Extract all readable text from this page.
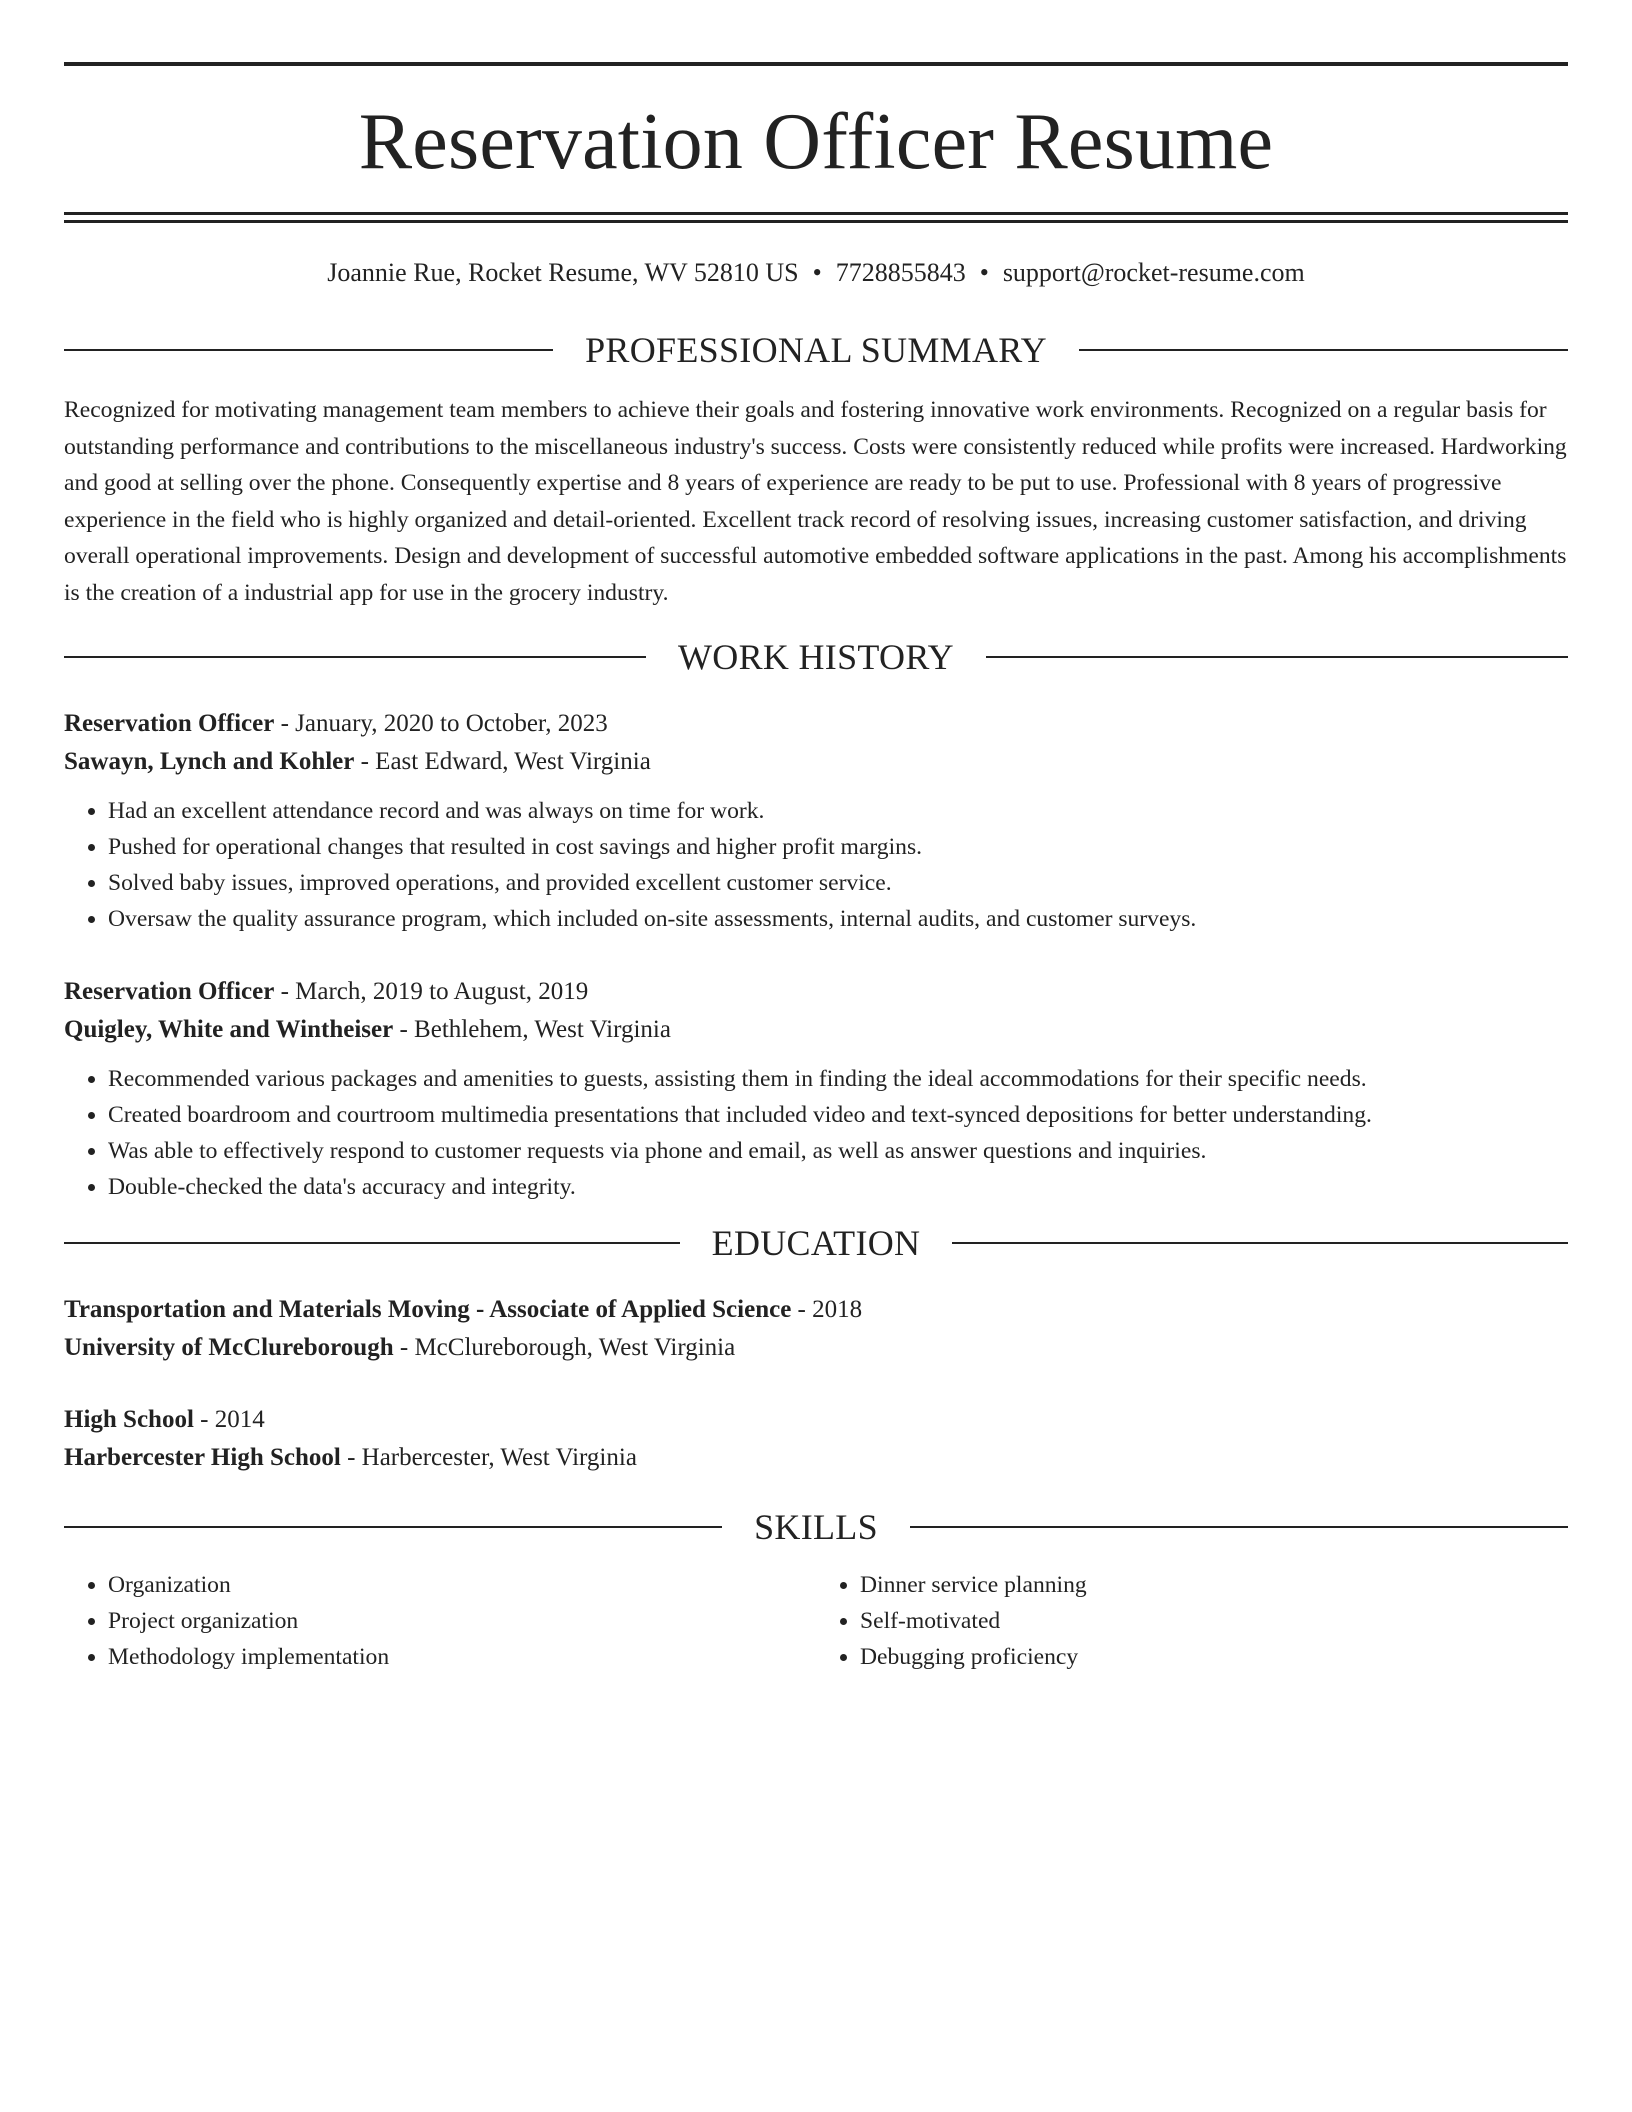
Reservation Officer Resume
Joannie Rue, Rocket Resume, WV 52810 US • 7728855843 • support@rocket-resume.com
PROFESSIONAL SUMMARY

Recognized for motivating management team members to achieve their goals and fostering innovative work environments. Recognized on a regular basis for outstanding performance and contributions to the miscellaneous industry's success. Costs were consistently reduced while profits were increased. Hardworking and good at selling over the phone. Consequently expertise and 8 years of experience are ready to be put to use. Professional with 8 years of progressive experience in the field who is highly organized and detail-oriented. Excellent track record of resolving issues, increasing customer satisfaction, and driving overall operational improvements. Design and development of successful automotive embedded software applications in the past. Among his accomplishments is the creation of a industrial app for use in the grocery industry.

WORK HISTORY
Reservation Officer - January, 2020 to October, 2023
Sawayn, Lynch and Kohler - East Edward, West Virginia
• Had an excellent attendance record and was always on time for work.
• Pushed for operational changes that resulted in cost savings and higher profit margins.
• Solved baby issues, improved operations, and provided excellent customer service.
• Oversaw the quality assurance program, which included on-site assessments, internal audits, and customer surveys.
Reservation Officer - March, 2019 to August, 2019
Quigley, White and Wintheiser - Bethlehem, West Virginia
• Recommended various packages and amenities to guests, assisting them in finding the ideal accommodations for their specific needs.
• Created boardroom and courtroom multimedia presentations that included video and text-synced depositions for better understanding.
• Was able to effectively respond to customer requests via phone and email, as well as answer questions and inquiries.
• Double-checked the data's accuracy and integrity.
EDUCATION
Transportation and Materials Moving - Associate of Applied Science - 2018
University of McClureborough - McClureborough, West Virginia
High School - 2014
Harbercester High School - Harbercester, West Virginia
SKILLS
• Organization
• Project organization
• Methodology implementation
• Dinner service planning
• Self-motivated
• Debugging proficiency
